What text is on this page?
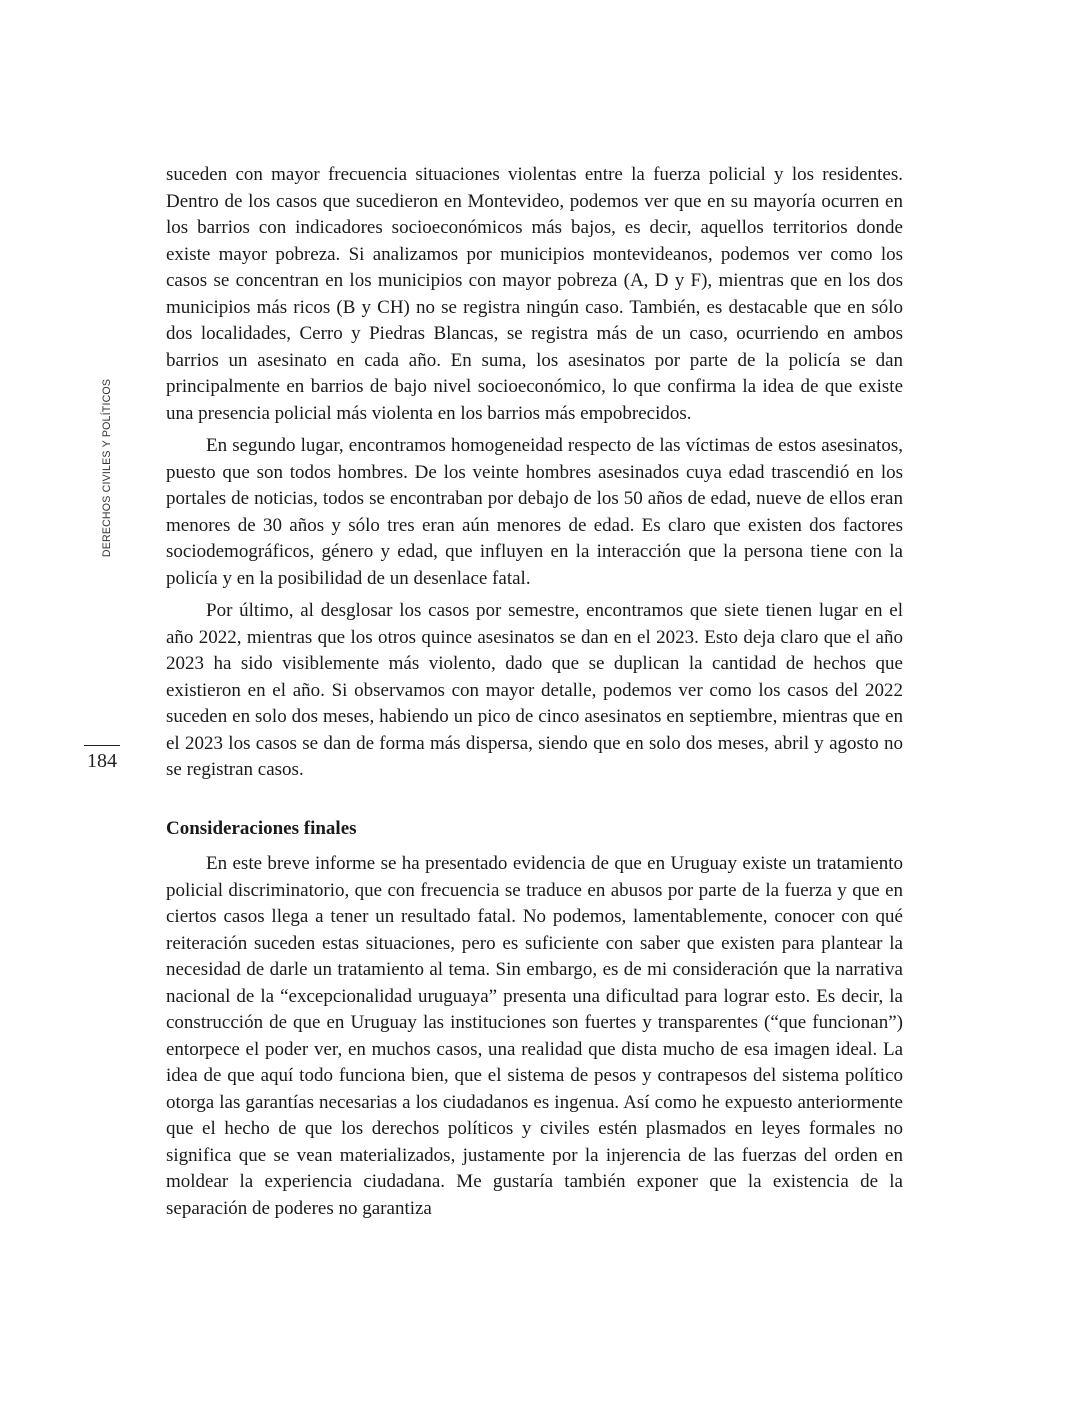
DERECHOS CIVILES Y POLÍTICOS
184

suceden con mayor frecuencia situaciones violentas entre la fuerza policial y los residentes. Dentro de los casos que sucedieron en Montevideo, podemos ver que en su mayoría ocurren en los barrios con indicadores socioeconómicos más bajos, es decir, aquellos territorios donde existe mayor pobreza. Si analizamos por municipios montevideanos, podemos ver como los casos se concentran en los municipios con mayor pobreza (A, D y F), mientras que en los dos municipios más ricos (B y CH) no se registra ningún caso. También, es destacable que en sólo dos localidades, Cerro y Piedras Blancas, se registra más de un caso, ocurriendo en ambos barrios un asesinato en cada año. En suma, los asesinatos por parte de la policía se dan principalmente en barrios de bajo nivel socioeconómico, lo que confirma la idea de que existe una presencia policial más violenta en los barrios más empobrecidos.

En segundo lugar, encontramos homogeneidad respecto de las víctimas de estos asesinatos, puesto que son todos hombres. De los veinte hombres asesinados cuya edad trascendió en los portales de noticias, todos se encontraban por debajo de los 50 años de edad, nueve de ellos eran menores de 30 años y sólo tres eran aún menores de edad. Es claro que existen dos factores sociodemográficos, género y edad, que influyen en la interacción que la persona tiene con la policía y en la posibilidad de un desenlace fatal.

Por último, al desglosar los casos por semestre, encontramos que siete tienen lugar en el año 2022, mientras que los otros quince asesinatos se dan en el 2023. Esto deja claro que el año 2023 ha sido visiblemente más violento, dado que se duplican la cantidad de hechos que existieron en el año. Si observamos con mayor detalle, podemos ver como los casos del 2022 suceden en solo dos meses, habiendo un pico de cinco asesinatos en septiembre, mientras que en el 2023 los casos se dan de forma más dispersa, siendo que en solo dos meses, abril y agosto no se registran casos.

Consideraciones finales

En este breve informe se ha presentado evidencia de que en Uruguay existe un tratamiento policial discriminatorio, que con frecuencia se traduce en abusos por parte de la fuerza y que en ciertos casos llega a tener un resultado fatal. No podemos, lamentablemente, conocer con qué reiteración suceden estas situaciones, pero es suficiente con saber que existen para plantear la necesidad de darle un tratamiento al tema. Sin embargo, es de mi consideración que la narrativa nacional de la “excepcionalidad uruguaya” presenta una dificultad para lograr esto. Es decir, la construcción de que en Uruguay las instituciones son fuertes y transparentes (“que funcionan”) entorpece el poder ver, en muchos casos, una realidad que dista mucho de esa imagen ideal. La idea de que aquí todo funciona bien, que el sistema de pesos y contrapesos del sistema político otorga las garantías necesarias a los ciudadanos es ingenua. Así como he expuesto anteriormente que el hecho de que los derechos políticos y civiles estén plasmados en leyes formales no significa que se vean materializados, justamente por la injerencia de las fuerzas del orden en moldear la experiencia ciudadana. Me gustaría también exponer que la existencia de la separación de poderes no garantiza
